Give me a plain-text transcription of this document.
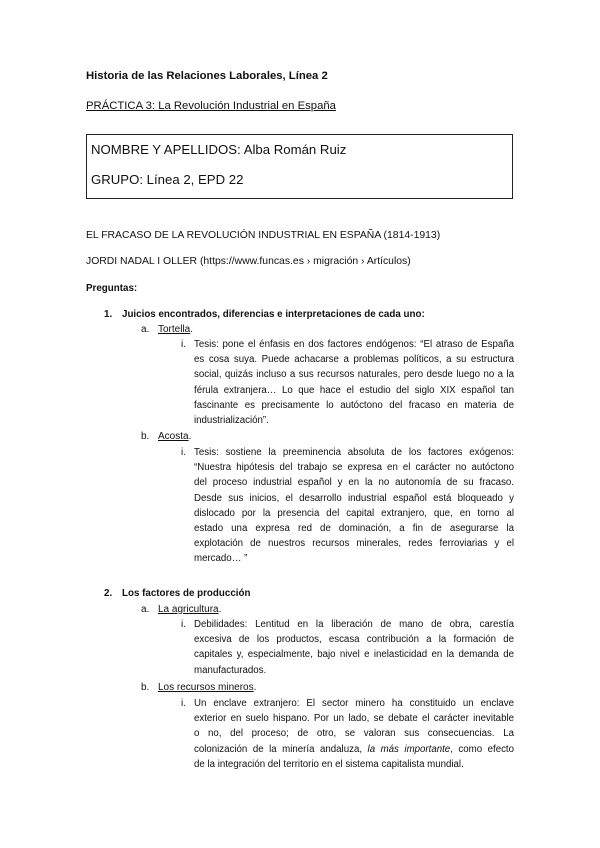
Historia de las Relaciones Laborales, Línea 2
PRÁCTICA 3: La Revolución Industrial en España
NOMBRE Y APELLIDOS: Alba Román Ruiz
GRUPO: Línea 2, EPD 22
EL FRACASO DE LA REVOLUCIÓN INDUSTRIAL EN ESPAÑA (1814-1913)
JORDI NADAL I OLLER (https://www.funcas.es › migración › Artículos)
Preguntas:
1. Juicios encontrados, diferencias e interpretaciones de cada uno:
a. Tortella.
i. Tesis: pone el énfasis en dos factores endógenos: “El atraso de España
es cosa suya. Puede achacarse a problemas políticos, a su estructura
social, quizás incluso a sus recursos naturales, pero desde luego no a la
férula extranjera… Lo que hace el estudio del siglo XIX español tan
fascinante es precisamente lo autóctono del fracaso en materia de
industrialización”.
b. Acosta.
i. Tesis: sostiene la preeminencia absoluta de los factores exógenos:
“Nuestra hipótesis del trabajo se expresa en el carácter no autóctono
del proceso industrial español y en la no autonomía de su fracaso.
Desde sus inicios, el desarrollo industrial español está bloqueado y
dislocado por la presencia del capital extranjero, que, en torno al
estado una expresa red de dominación, a fin de asegurarse la
explotación de nuestros recursos minerales, redes ferroviarias y el
mercado… ”
2. Los factores de producción
a. La agricultura.
i. Debilidades: Lentitud en la liberación de mano de obra, carestía
excesiva de los productos, escasa contribución a la formación de
capitales y, especialmente, bajo nivel e inelasticidad en la demanda de
manufacturados.
b. Los recursos mineros.
i. Un enclave extranjero: El sector minero ha constituido un enclave
exterior en suelo hispano. Por un lado, se debate el carácter inevitable
o no, del proceso; de otro, se valoran sus consecuencias. La
colonización de la minería andaluza, la más importante, como efecto
de la integración del territorio en el sistema capitalista mundial.
